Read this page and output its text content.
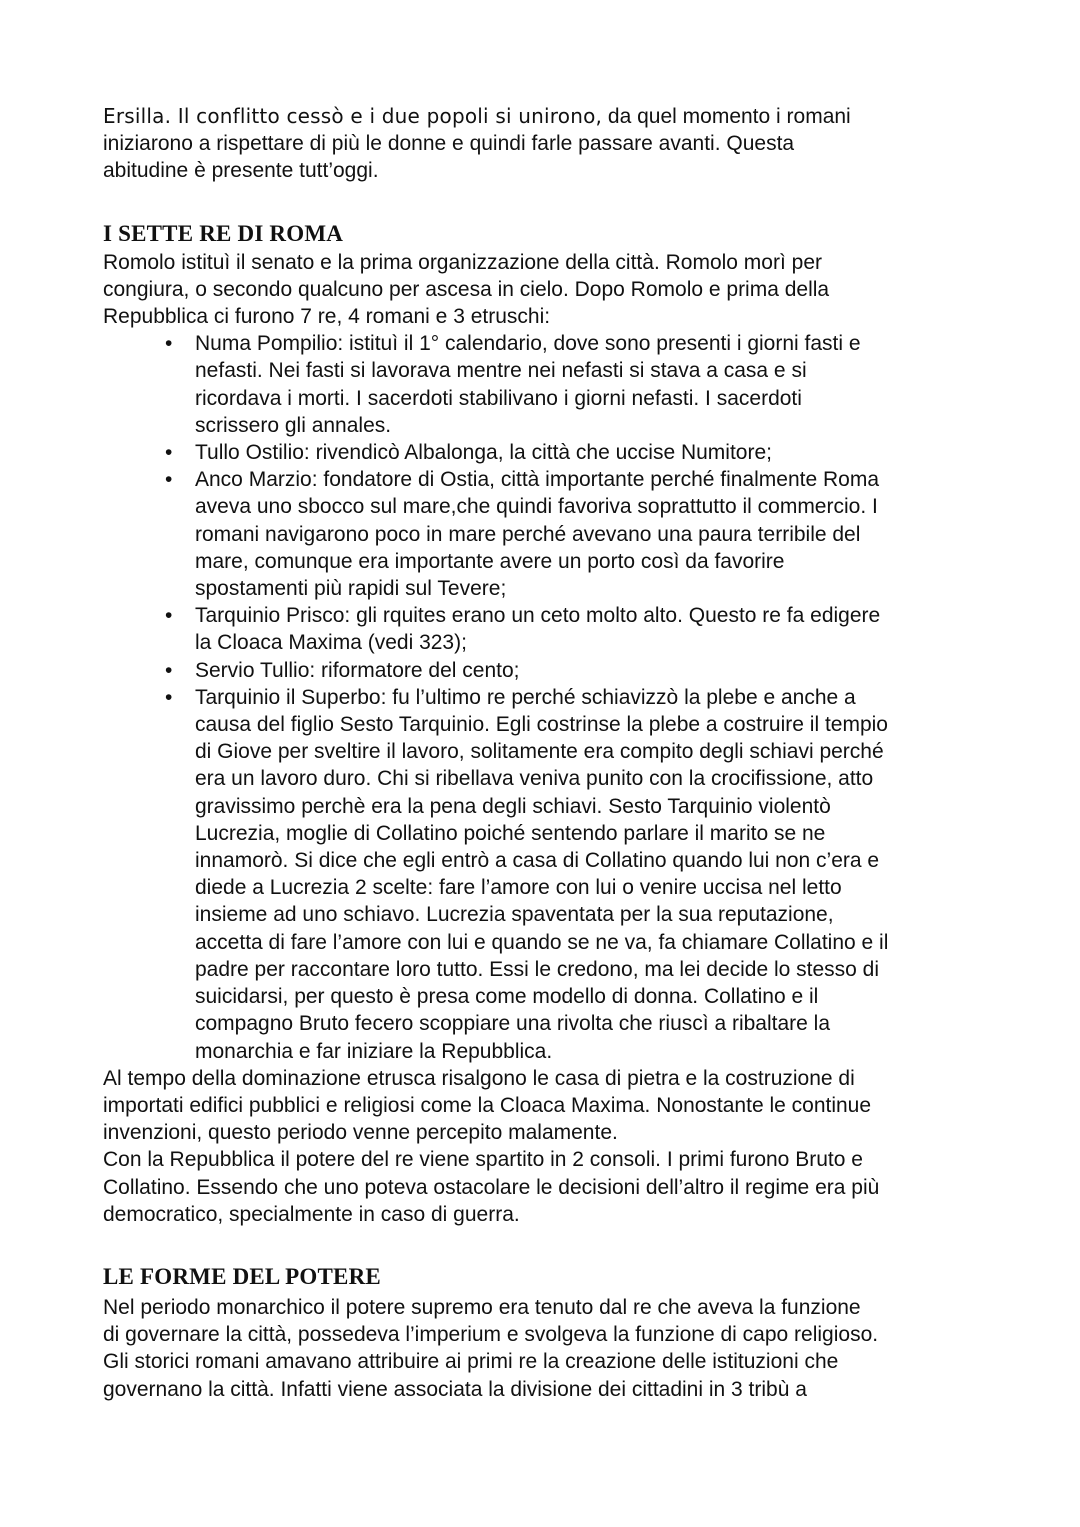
Ersilla. Il conflitto cessò e i due popoli si unirono, da quel momento i romani
iniziarono a rispettare di più le donne e quindi farle passare avanti. Questa
abitudine è presente tutt’oggi.
I SETTE RE DI ROMA
Romolo istituì il senato e la prima organizzazione della città. Romolo morì per
congiura, o secondo qualcuno per ascesa in cielo. Dopo Romolo e prima della
Repubblica ci furono 7 re, 4 romani e 3 etruschi:
• Numa Pompilio: istituì il 1° calendario, dove sono presenti i giorni fasti e
nefasti. Nei fasti si lavorava mentre nei nefasti si stava a casa e si
ricordava i morti. I sacerdoti stabilivano i giorni nefasti. I sacerdoti
scrissero gli annales.
• Tullo Ostilio: rivendicò Albalonga, la città che uccise Numitore;
• Anco Marzio: fondatore di Ostia, città importante perché finalmente Roma
aveva uno sbocco sul mare,che quindi favoriva soprattutto il commercio. I
romani navigarono poco in mare perché avevano una paura terribile del
mare, comunque era importante avere un porto così da favorire
spostamenti più rapidi sul Tevere;
• Tarquinio Prisco: gli rquites erano un ceto molto alto. Questo re fa edigere
la Cloaca Maxima (vedi 323);
• Servio Tullio: riformatore del cento;
• Tarquinio il Superbo: fu l’ultimo re perché schiavizzò la plebe e anche a
causa del figlio Sesto Tarquinio. Egli costrinse la plebe a costruire il tempio
di Giove per sveltire il lavoro, solitamente era compito degli schiavi perché
era un lavoro duro. Chi si ribellava veniva punito con la crocifissione, atto
gravissimo perchè era la pena degli schiavi. Sesto Tarquinio violentò
Lucrezia, moglie di Collatino poiché sentendo parlare il marito se ne
innamorò. Si dice che egli entrò a casa di Collatino quando lui non c’era e
diede a Lucrezia 2 scelte: fare l’amore con lui o venire uccisa nel letto
insieme ad uno schiavo. Lucrezia spaventata per la sua reputazione,
accetta di fare l’amore con lui e quando se ne va, fa chiamare Collatino e il
padre per raccontare loro tutto. Essi le credono, ma lei decide lo stesso di
suicidarsi, per questo è presa come modello di donna. Collatino e il
compagno Bruto fecero scoppiare una rivolta che riuscì a ribaltare la
monarchia e far iniziare la Repubblica.
Al tempo della dominazione etrusca risalgono le casa di pietra e la costruzione di
importati edifici pubblici e religiosi come la Cloaca Maxima. Nonostante le continue
invenzioni, questo periodo venne percepito malamente.
Con la Repubblica il potere del re viene spartito in 2 consoli. I primi furono Bruto e
Collatino. Essendo che uno poteva ostacolare le decisioni dell’altro il regime era più
democratico, specialmente in caso di guerra.
LE FORME DEL POTERE
Nel periodo monarchico il potere supremo era tenuto dal re che aveva la funzione
di governare la città, possedeva l’imperium e svolgeva la funzione di capo religioso.
Gli storici romani amavano attribuire ai primi re la creazione delle istituzioni che
governano la città. Infatti viene associata la divisione dei cittadini in 3 tribù a
